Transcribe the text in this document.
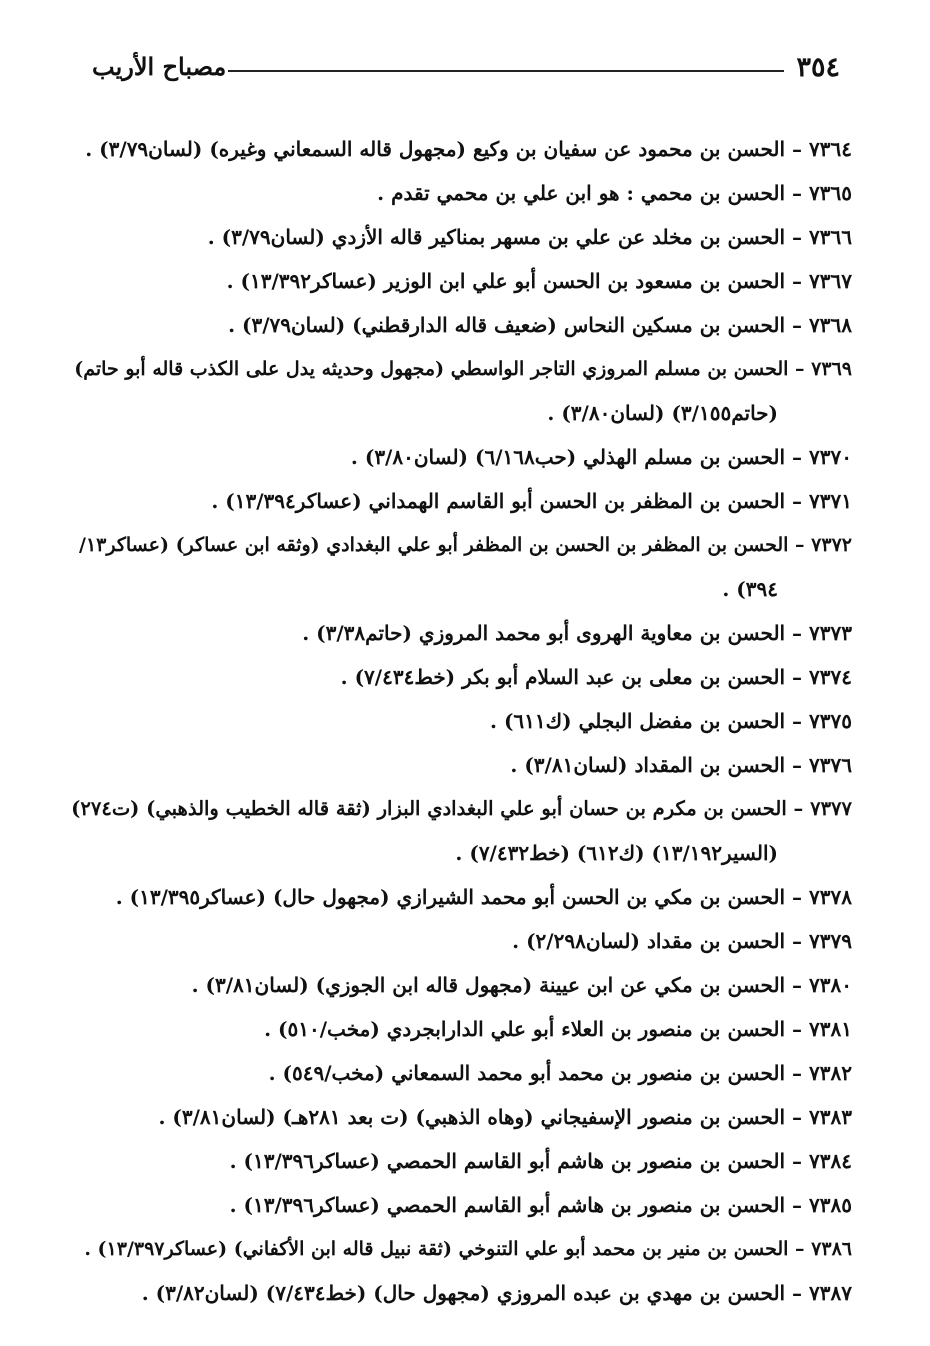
٣٥٤
مصباح الأريب
٧٣٦٤ – الحسن بن محمود عن سفيان بن وكيع (مجهول قاله السمعاني وغيره) (لسان٣/٧٩) .
٧٣٦٥ – الحسن بن محمي : هو ابن علي بن محمي تقدم .
٧٣٦٦ – الحسن بن مخلد عن علي بن مسهر بمناكير قاله الأزدي (لسان٣/٧٩) .
٧٣٦٧ – الحسن بن مسعود بن الحسن أبو علي ابن الوزير (عساكر١٣/٣٩٢) .
٧٣٦٨ – الحسن بن مسكين النحاس (ضعيف قاله الدارقطني) (لسان٣/٧٩) .
٧٣٦٩ – الحسن بن مسلم المروزي التاجر الواسطي (مجهول وحديثه يدل على الكذب قاله أبو حاتم)
(حاتم٣/١٥٥) (لسان٣/٨٠) .
٧٣٧٠ – الحسن بن مسلم الهذلي (حب٦/١٦٨) (لسان٣/٨٠) .
٧٣٧١ – الحسن بن المظفر بن الحسن أبو القاسم الهمداني (عساكر١٣/٣٩٤) .
٧٣٧٢ – الحسن بن المظفر بن الحسن بن المظفر أبو علي البغدادي (وثقه ابن عساكر) (عساكر١٣/
٣٩٤) .
٧٣٧٣ – الحسن بن معاوية الهروى أبو محمد المروزي (حاتم٣/٣٨) .
٧٣٧٤ – الحسن بن معلى بن عبد السلام أبو بكر (خط٧/٤٣٤) .
٧٣٧٥ – الحسن بن مفضل البجلي (ك٦١١) .
٧٣٧٦ – الحسن بن المقداد (لسان٣/٨١) .
٧٣٧٧ – الحسن بن مكرم بن حسان أبو علي البغدادي البزار (ثقة قاله الخطيب والذهبي) (ت٢٧٤)
(السير١٣/١٩٢) (ك٦١٢) (خط٧/٤٣٢) .
٧٣٧٨ – الحسن بن مكي بن الحسن أبو محمد الشيرازي (مجهول حال) (عساكر١٣/٣٩٥) .
٧٣٧٩ – الحسن بن مقداد (لسان٢/٢٩٨) .
٧٣٨٠ – الحسن بن مكي عن ابن عيينة (مجهول قاله ابن الجوزي) (لسان٣/٨١) .
٧٣٨١ – الحسن بن منصور بن العلاء أبو علي الدارابجردي (مخب/٥١٠) .
٧٣٨٢ – الحسن بن منصور بن محمد أبو محمد السمعاني (مخب/٥٤٩) .
٧٣٨٣ – الحسن بن منصور الإسفيجاني (وهاه الذهبي) (ت بعد ٢٨١هـ) (لسان٣/٨١) .
٧٣٨٤ – الحسن بن منصور بن هاشم أبو القاسم الحمصي (عساكر١٣/٣٩٦) .
٧٣٨٥ – الحسن بن منصور بن هاشم أبو القاسم الحمصي (عساكر١٣/٣٩٦) .
٧٣٨٦ – الحسن بن منير بن محمد أبو علي التنوخي (ثقة نبيل قاله ابن الأكفاني) (عساكر١٣/٣٩٧) .
٧٣٨٧ – الحسن بن مهدي بن عبده المروزي (مجهول حال) (خط٧/٤٣٤) (لسان٣/٨٢) .
